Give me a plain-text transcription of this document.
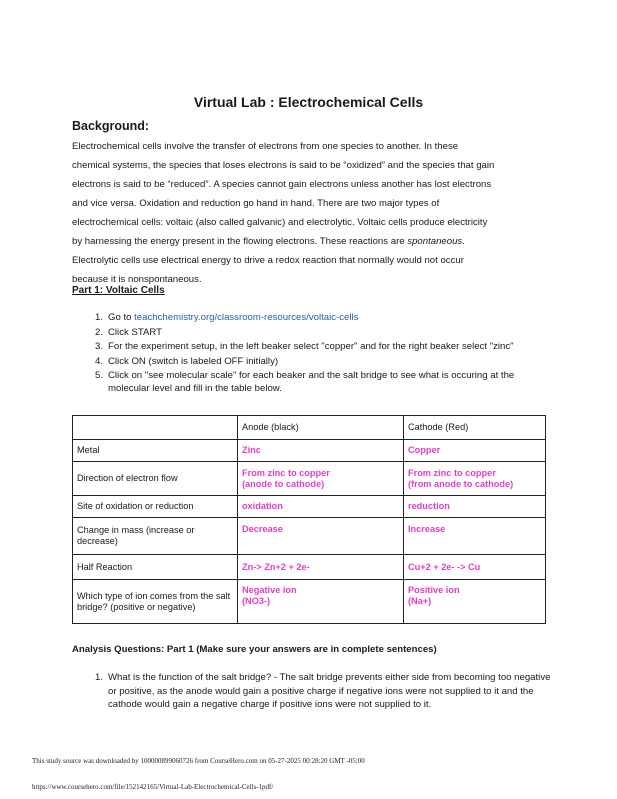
Virtual Lab : Electrochemical Cells
Background:
Electrochemical cells involve the transfer of electrons from one species to another. In these
chemical systems, the species that loses electrons is said to be “oxidized” and the species that gain
electrons is said to be “reduced”. A species cannot gain electrons unless another has lost electrons
and vice versa. Oxidation and reduction go hand in hand. There are two major types of
electrochemical cells: voltaic (also called galvanic) and electrolytic. Voltaic cells produce electricity
by harnessing the energy present in the flowing electrons. These reactions are spontaneous.
Electrolytic cells use electrical energy to drive a redox reaction that normally would not occur
because it is nonspontaneous.
Part 1: Voltaic Cells
1. Go to teachchemistry.org/classroom-resources/voltaic-cells
2. Click START
3. For the experiment setup, in the left beaker select "copper" and for the right beaker select "zinc"
4. Click ON (switch is labeled OFF initially)
5. Click on "see molecular scale" for each beaker and the salt bridge to see what is occuring at the molecular level and fill in the table below.
	Anode (black)	Cathode (Red)
Metal	Zinc	Copper
Direction of electron flow	From zinc to copper
(anode to cathode)	From zinc to copper
(from anode to cathode)
Site of oxidation or reduction	oxidation	reduction
Change in mass (increase or decrease)	Decrease	Increase
Half Reaction	Zn-> Zn+2 + 2e-	Cu+2 + 2e- -> Cu
Which type of ion comes from the salt bridge? (positive or negative)	Negative ion
(NO3-)	Positive ion
(Na+)
Analysis Questions: Part 1 (Make sure your answers are in complete sentences)
1. What is the function of the salt bridge? - The salt bridge prevents either side from becoming too negative or positive, as the anode would gain a positive charge if negative ions were not supplied to it and the cathode would gain a negative charge if positive ions were not supplied to it.
This study source was downloaded by 100000899060726 from CourseHero.com on 05-27-2025 00:28:20 GMT -05:00
https://www.coursehero.com/file/152142165/Virtual-Lab-Electrochemical-Cells-1pdf/
